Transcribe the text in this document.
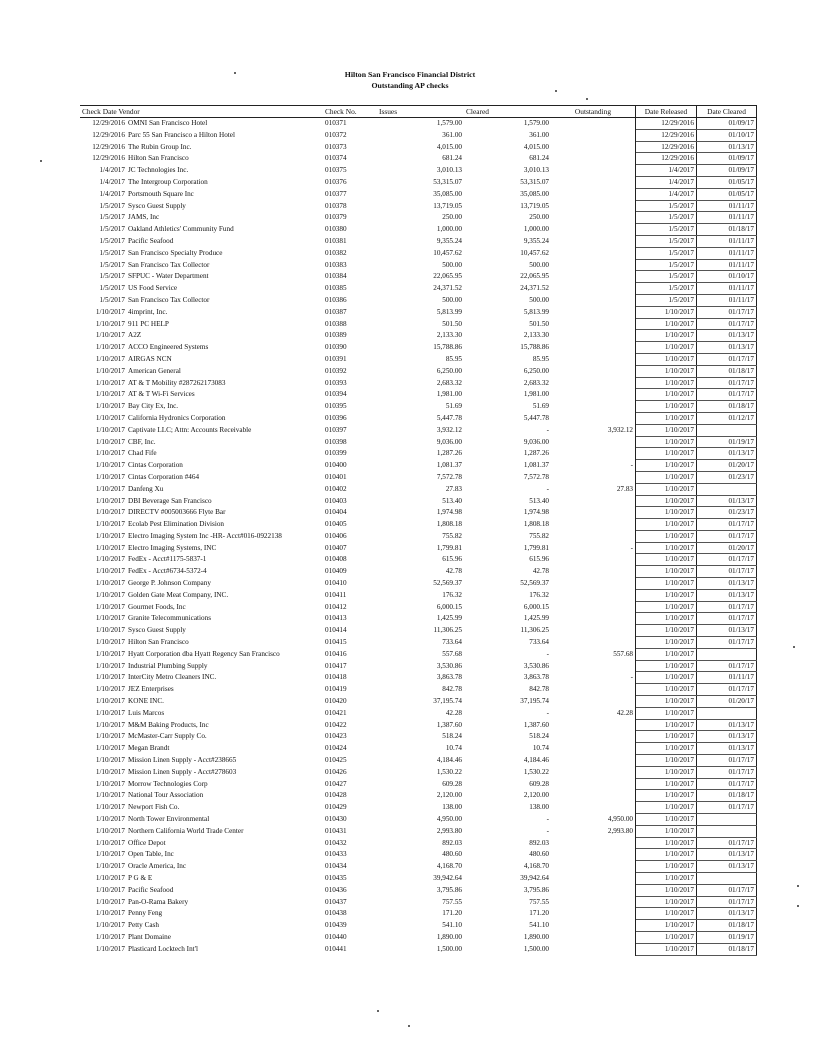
Hilton San Francisco Financial District
Outstanding AP checks
Check Date Vendor	Check No.	Issues	Cleared	Outstanding	Date Released	Date Cleared
12/29/2016 OMNI San Francisco Hotel	010371	1,579.00	1,579.00		12/29/2016	01/09/17
12/29/2016 Parc 55 San Francisco a Hilton Hotel	010372	361.00	361.00		12/29/2016	01/10/17
12/29/2016 The Rubin Group Inc.	010373	4,015.00	4,015.00		12/29/2016	01/13/17
12/29/2016 Hilton San Francisco	010374	681.24	681.24		12/29/2016	01/09/17
1/4/2017 JC Technologies Inc.	010375	3,010.13	3,010.13		1/4/2017	01/09/17
1/4/2017 The Intergroup Corporation	010376	53,315.07	53,315.07		1/4/2017	01/05/17
1/4/2017 Portsmouth Square Inc	010377	35,085.00	35,085.00		1/4/2017	01/05/17
1/5/2017 Sysco Guest Supply	010378	13,719.05	13,719.05		1/5/2017	01/11/17
1/5/2017 JAMS, Inc	010379	250.00	250.00		1/5/2017	01/11/17
1/5/2017 Oakland Athletics' Community Fund	010380	1,000.00	1,000.00		1/5/2017	01/18/17
1/5/2017 Pacific Seafood	010381	9,355.24	9,355.24		1/5/2017	01/11/17
1/5/2017 San Francisco Specialty Produce	010382	10,457.62	10,457.62		1/5/2017	01/11/17
1/5/2017 San Francisco Tax Collector	010383	500.00	500.00		1/5/2017	01/11/17
1/5/2017 SFPUC - Water Department	010384	22,065.95	22,065.95		1/5/2017	01/10/17
1/5/2017 US Food Service	010385	24,371.52	24,371.52		1/5/2017	01/11/17
1/5/2017 San Francisco Tax Collector	010386	500.00	500.00		1/5/2017	01/11/17
1/10/2017 4imprint, Inc.	010387	5,813.99	5,813.99		1/10/2017	01/17/17
1/10/2017 911 PC HELP	010388	501.50	501.50		1/10/2017	01/17/17
1/10/2017 A2Z	010389	2,133.30	2,133.30		1/10/2017	01/13/17
1/10/2017 ACCO Engineered Systems	010390	15,788.86	15,788.86		1/10/2017	01/13/17
1/10/2017 AIRGAS NCN	010391	85.95	85.95		1/10/2017	01/17/17
1/10/2017 American General	010392	6,250.00	6,250.00		1/10/2017	01/18/17
1/10/2017 AT & T Mobility #287262173083	010393	2,683.32	2,683.32		1/10/2017	01/17/17
1/10/2017 AT & T Wi-Fi Services	010394	1,981.00	1,981.00		1/10/2017	01/17/17
1/10/2017 Bay City Ex, Inc.	010395	51.69	51.69		1/10/2017	01/18/17
1/10/2017 California Hydronics Corporation	010396	5,447.78	5,447.78		1/10/2017	01/12/17
1/10/2017 Captivate LLC; Attn: Accounts Receivable	010397	3,932.12	-	3,932.12	1/10/2017	
1/10/2017 CBF, Inc.	010398	9,036.00	9,036.00		1/10/2017	01/19/17
1/10/2017 Chad Fife	010399	1,287.26	1,287.26		1/10/2017	01/13/17
1/10/2017 Cintas Corporation	010400	1,081.37	1,081.37	-	1/10/2017	01/20/17
1/10/2017 Cintas Corporation #464	010401	7,572.78	7,572.78		1/10/2017	01/23/17
1/10/2017 Danfeng Xu	010402	27.83	-	27.83	1/10/2017	
1/10/2017 DBI Beverage San Francisco	010403	513.40	513.40		1/10/2017	01/13/17
1/10/2017 DIRECTV #005003666 Flyte Bar	010404	1,974.98	1,974.98		1/10/2017	01/23/17
1/10/2017 Ecolab Pest Elimination Division	010405	1,808.18	1,808.18		1/10/2017	01/17/17
1/10/2017 Electro Imaging System Inc -HR- Acct#016-0922138	010406	755.82	755.82		1/10/2017	01/17/17
1/10/2017 Electro Imaging Systems, INC	010407	1,799.81	1,799.81	-	1/10/2017	01/20/17
1/10/2017 FedEx - Acct#1175-5837-1	010408	615.96	615.96		1/10/2017	01/17/17
1/10/2017 FedEx - Acct#6734-5372-4	010409	42.78	42.78		1/10/2017	01/17/17
1/10/2017 George P. Johnson Company	010410	52,569.37	52,569.37		1/10/2017	01/13/17
1/10/2017 Golden Gate Meat Company, INC.	010411	176.32	176.32		1/10/2017	01/13/17
1/10/2017 Gourmet Foods, Inc	010412	6,000.15	6,000.15		1/10/2017	01/17/17
1/10/2017 Granite Telecommunications	010413	1,425.99	1,425.99		1/10/2017	01/17/17
1/10/2017 Sysco Guest Supply	010414	11,306.25	11,306.25		1/10/2017	01/13/17
1/10/2017 Hilton San Francisco	010415	733.64	733.64		1/10/2017	01/17/17
1/10/2017 Hyatt Corporation dba Hyatt Regency San Francisco	010416	557.68	-	557.68	1/10/2017	
1/10/2017 Industrial Plumbing Supply	010417	3,530.86	3,530.86		1/10/2017	01/17/17
1/10/2017 InterCity Metro Cleaners INC.	010418	3,863.78	3,863.78	-	1/10/2017	01/11/17
1/10/2017 JEZ Enterprises	010419	842.78	842.78		1/10/2017	01/17/17
1/10/2017 KONE INC.	010420	37,195.74	37,195.74		1/10/2017	01/20/17
1/10/2017 Luis Marcos	010421	42.28	-	42.28	1/10/2017	
1/10/2017 M&M Baking Products, Inc	010422	1,387.60	1,387.60		1/10/2017	01/13/17
1/10/2017 McMaster-Carr Supply Co.	010423	518.24	518.24		1/10/2017	01/13/17
1/10/2017 Megan Brandt	010424	10.74	10.74		1/10/2017	01/13/17
1/10/2017 Mission Linen Supply - Acct#238665	010425	4,184.46	4,184.46		1/10/2017	01/17/17
1/10/2017 Mission Linen Supply - Acct#278603	010426	1,530.22	1,530.22		1/10/2017	01/17/17
1/10/2017 Morrow Technologies Corp	010427	609.28	609.28		1/10/2017	01/17/17
1/10/2017 National Tour Association	010428	2,120.00	2,120.00		1/10/2017	01/18/17
1/10/2017 Newport Fish Co.	010429	138.00	138.00		1/10/2017	01/17/17
1/10/2017 North Tower Environmental	010430	4,950.00	-	4,950.00	1/10/2017	
1/10/2017 Northern California World Trade Center	010431	2,993.80	-	2,993.80	1/10/2017	
1/10/2017 Office Depot	010432	892.03	892.03		1/10/2017	01/17/17
1/10/2017 Open Table, Inc	010433	480.60	480.60		1/10/2017	01/13/17
1/10/2017 Oracle America, Inc	010434	4,168.70	4,168.70		1/10/2017	01/13/17
1/10/2017 P G & E	010435	39,942.64	39,942.64		1/10/2017	
1/10/2017 Pacific Seafood	010436	3,795.86	3,795.86		1/10/2017	01/17/17
1/10/2017 Pan-O-Rama Bakery	010437	757.55	757.55		1/10/2017	01/17/17
1/10/2017 Penny Feng	010438	171.20	171.20		1/10/2017	01/13/17
1/10/2017 Petty Cash	010439	541.10	541.10		1/10/2017	01/18/17
1/10/2017 Plant Domaine	010440	1,890.00	1,890.00		1/10/2017	01/19/17
1/10/2017 Plasticard Locktech Int'l	010441	1,500.00	1,500.00		1/10/2017	01/18/17
